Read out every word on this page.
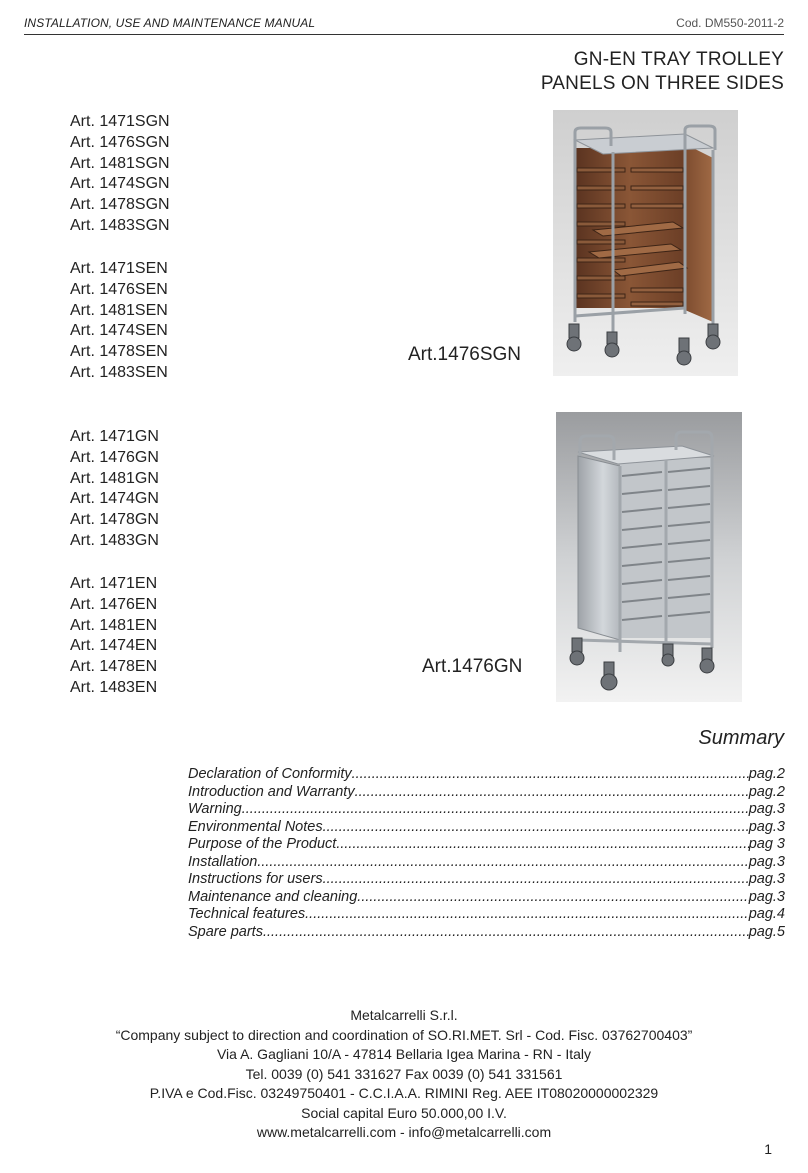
INSTALLATION, USE AND MAINTENANCE MANUAL	Cod. DM550-2011-2
GN-EN TRAY TROLLEY
PANELS ON THREE SIDES
Art. 1471SGN
Art. 1476SGN
Art. 1481SGN
Art. 1474SGN
Art. 1478SGN
Art. 1483SGN
Art. 1471SEN
Art. 1476SEN
Art. 1481SEN
Art. 1474SEN
Art. 1478SEN
Art. 1483SEN
Art. 1471GN
Art. 1476GN
Art. 1481GN
Art. 1474GN
Art. 1478GN
Art. 1483GN
Art. 1471EN
Art. 1476EN
Art. 1481EN
Art. 1474EN
Art. 1478EN
Art. 1483EN
Art.1476SGN
Art.1476GN
Summary
Declaration of Conformity .....	pag.2
Introduction and Warranty .....	pag.2
Warning .....	pag.3
Environmental Notes .....	pag.3
Purpose of the Product .....	pag 3
Installation .....	pag.3
Instructions for users .....	pag.3
Maintenance and cleaning .....	pag.3
Technical features .....	pag.4
Spare parts .....	pag.5
Metalcarrelli S.r.l.
“Company subject to direction and coordination of SO.RI.MET. Srl - Cod. Fisc. 03762700403”
Via A. Gagliani 10/A - 47814 Bellaria Igea Marina - RN - Italy
Tel. 0039 (0) 541 331627 Fax 0039 (0) 541 331561
P.IVA e Cod.Fisc. 03249750401 - C.C.I.A.A. RIMINI Reg. AEE IT08020000002329
Social capital Euro 50.000,00 I.V.
www.metalcarrelli.com - info@metalcarrelli.com
1
